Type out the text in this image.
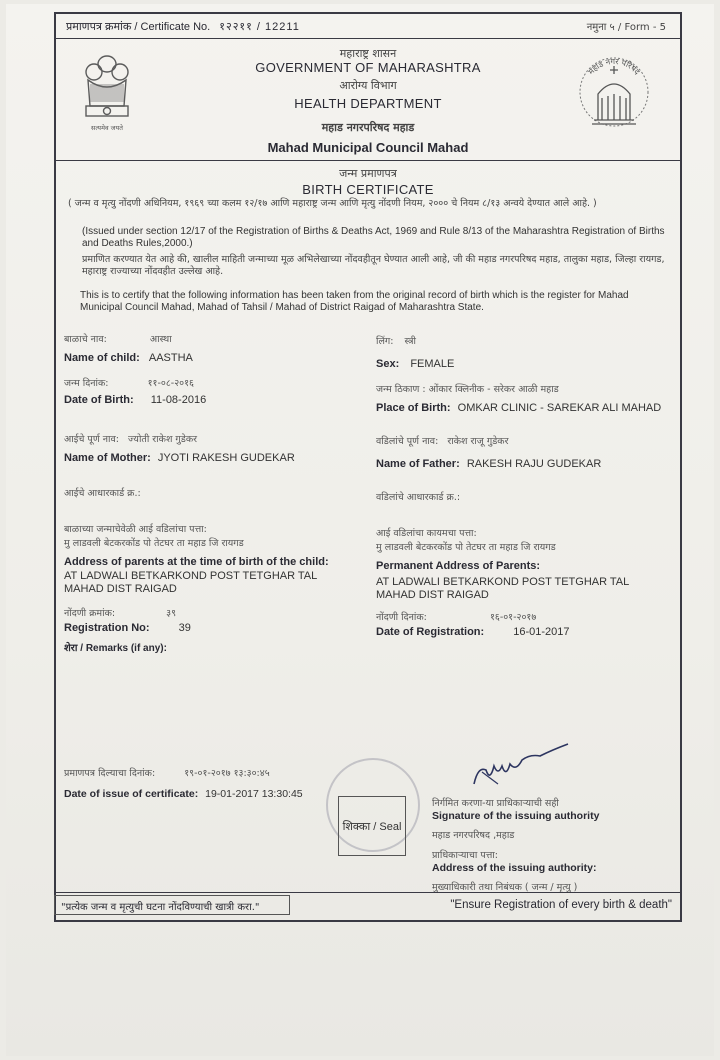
प्रमाणपत्र क्रमांक / Certificate No. १२२११ / 12211	नमुना ५ / Form - 5
सत्यमेव जयते
महाड नगर परिषद
महाराष्ट्र शासन
GOVERNMENT OF MAHARASHTRA
आरोग्य विभाग
HEALTH DEPARTMENT
महाड नगरपरिषद महाड
Mahad Municipal Council Mahad
जन्म प्रमाणपत्र
BIRTH CERTIFICATE
( जन्म व मृत्यु नोंदणी अधिनियम, १९६९ च्या कलम १२/१७ आणि महाराष्ट्र जन्म आणि मृत्यु नोंदणी नियम, २००० चे नियम ८/१३ अन्वये देण्यात आले आहे. )
(Issued under section 12/17 of the Registration of Births & Deaths Act, 1969 and Rule 8/13 of the Maharashtra Registration of Births and Deaths Rules,2000.)
प्रमाणित करण्यात येत आहे की, खालील माहिती जन्माच्या मूळ अभिलेखाच्या नोंदवहीतून घेण्यात आली आहे, जी की महाड नगरपरिषद महाड, तालुका महाड, जिल्हा रायगड, महाराष्ट्र राज्याच्या नोंदवहीत उल्लेख आहे.
This is to certify that the following information has been taken from the original record of birth which is the register for Mahad Municipal Council Mahad, Mahad of Tahsil / Mahad of District Raigad of Maharashtra State.
बाळाचे नाव:	आस्था
Name of child: AASTHA
लिंग: स्त्री
Sex: FEMALE
जन्म दिनांक:	११-०८-२०१६
Date of Birth: 11-08-2016
जन्म ठिकाण : ओंकार क्लिनीक - सरेकर आळी महाड
Place of Birth: OMKAR CLINIC - SAREKAR ALI MAHAD
आईचे पूर्ण नाव: ज्योती राकेश गुडेकर
Name of Mother: JYOTI RAKESH GUDEKAR
वडिलांचे पूर्ण नाव: राकेश राजू गुडेकर
Name of Father: RAKESH RAJU GUDEKAR
आईचे आधारकार्ड क्र.:	वडिलांचे आधारकार्ड क्र.:
बाळाच्या जन्माचेवेळी आई वडिलांचा पत्ता:
मु लाडवली बेटकरकोंड पो तेटघर ता महाड जि रायगड
Address of parents at the time of birth of the child:
AT LADWALI BETKARKOND POST TETGHAR TAL MAHAD DIST RAIGAD
आई वडिलांचा कायमचा पत्ता:
मु लाडवली बेटकरकोंड पो तेटघर ता महाड जि रायगड
Permanent Address of Parents:
AT LADWALI BETKARKOND POST TETGHAR TAL MAHAD DIST RAIGAD
नोंदणी क्रमांक:	३९
Registration No:	39
नोंदणी दिनांक:	१६-०१-२०१७
Date of Registration:	16-01-2017
शेरा / Remarks (if any):
प्रमाणपत्र दिल्याचा दिनांक:	१९-०१-२०१७ १३:३०:४५
Date of issue of certificate: 19-01-2017 13:30:45
शिक्का / Seal
निर्गमित करणा-या प्राधिकाऱ्याची सही
Signature of the issuing authority
महाड नगरपरिषद ,महाड
प्राधिकाऱ्याचा पत्ता:
Address of the issuing authority:
मुख्याधिकारी तथा निबंधक ( जन्म / मृत्यु )
"प्रत्येक जन्म व मृत्युची घटना नोंदविण्याची खात्री करा."	"Ensure Registration of every birth & death"
